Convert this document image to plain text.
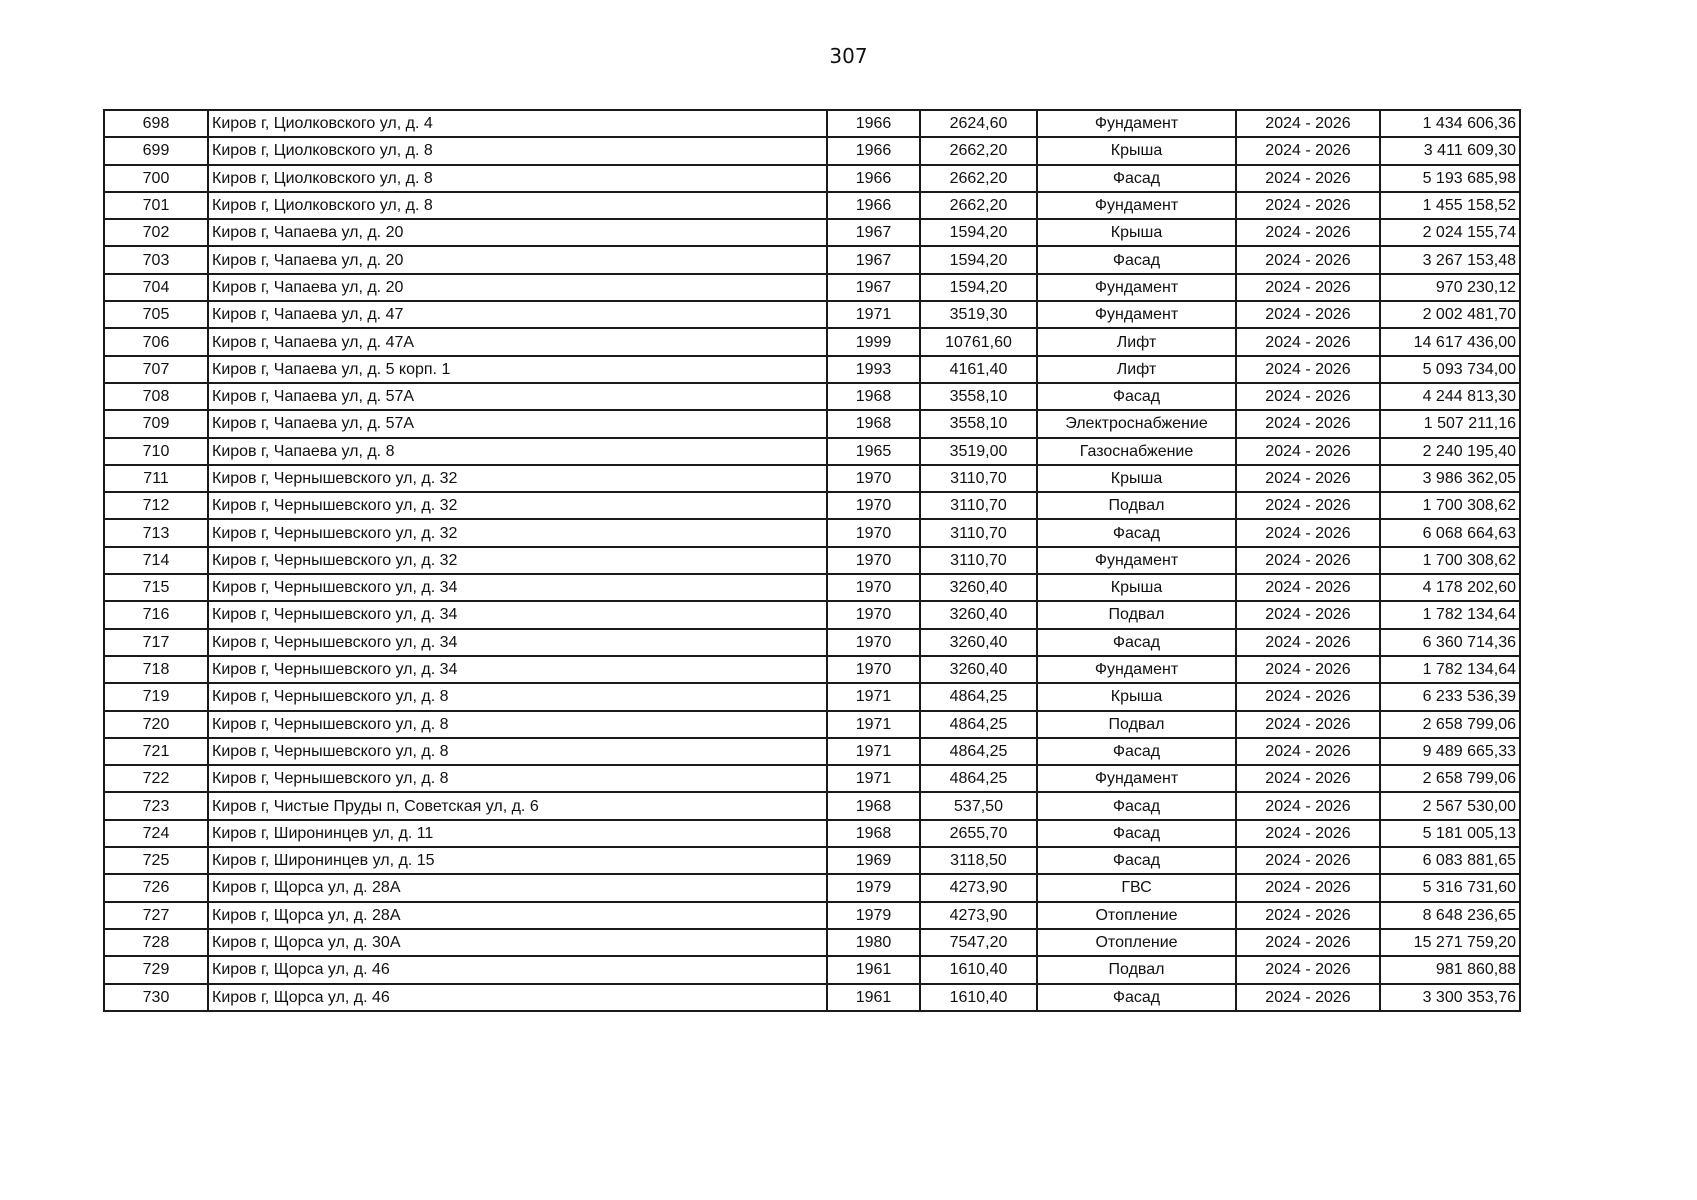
307
698	Киров г, Циолковского ул, д. 4	1966	2624,60	Фундамент	2024 - 2026	1 434 606,36
699	Киров г, Циолковского ул, д. 8	1966	2662,20	Крыша	2024 - 2026	3 411 609,30
700	Киров г, Циолковского ул, д. 8	1966	2662,20	Фасад	2024 - 2026	5 193 685,98
701	Киров г, Циолковского ул, д. 8	1966	2662,20	Фундамент	2024 - 2026	1 455 158,52
702	Киров г, Чапаева ул, д. 20	1967	1594,20	Крыша	2024 - 2026	2 024 155,74
703	Киров г, Чапаева ул, д. 20	1967	1594,20	Фасад	2024 - 2026	3 267 153,48
704	Киров г, Чапаева ул, д. 20	1967	1594,20	Фундамент	2024 - 2026	970 230,12
705	Киров г, Чапаева ул, д. 47	1971	3519,30	Фундамент	2024 - 2026	2 002 481,70
706	Киров г, Чапаева ул, д. 47А	1999	10761,60	Лифт	2024 - 2026	14 617 436,00
707	Киров г, Чапаева ул, д. 5 корп. 1	1993	4161,40	Лифт	2024 - 2026	5 093 734,00
708	Киров г, Чапаева ул, д. 57А	1968	3558,10	Фасад	2024 - 2026	4 244 813,30
709	Киров г, Чапаева ул, д. 57А	1968	3558,10	Электроснабжение	2024 - 2026	1 507 211,16
710	Киров г, Чапаева ул, д. 8	1965	3519,00	Газоснабжение	2024 - 2026	2 240 195,40
711	Киров г, Чернышевского ул, д. 32	1970	3110,70	Крыша	2024 - 2026	3 986 362,05
712	Киров г, Чернышевского ул, д. 32	1970	3110,70	Подвал	2024 - 2026	1 700 308,62
713	Киров г, Чернышевского ул, д. 32	1970	3110,70	Фасад	2024 - 2026	6 068 664,63
714	Киров г, Чернышевского ул, д. 32	1970	3110,70	Фундамент	2024 - 2026	1 700 308,62
715	Киров г, Чернышевского ул, д. 34	1970	3260,40	Крыша	2024 - 2026	4 178 202,60
716	Киров г, Чернышевского ул, д. 34	1970	3260,40	Подвал	2024 - 2026	1 782 134,64
717	Киров г, Чернышевского ул, д. 34	1970	3260,40	Фасад	2024 - 2026	6 360 714,36
718	Киров г, Чернышевского ул, д. 34	1970	3260,40	Фундамент	2024 - 2026	1 782 134,64
719	Киров г, Чернышевского ул, д. 8	1971	4864,25	Крыша	2024 - 2026	6 233 536,39
720	Киров г, Чернышевского ул, д. 8	1971	4864,25	Подвал	2024 - 2026	2 658 799,06
721	Киров г, Чернышевского ул, д. 8	1971	4864,25	Фасад	2024 - 2026	9 489 665,33
722	Киров г, Чернышевского ул, д. 8	1971	4864,25	Фундамент	2024 - 2026	2 658 799,06
723	Киров г, Чистые Пруды п, Советская ул, д. 6	1968	537,50	Фасад	2024 - 2026	2 567 530,00
724	Киров г, Широнинцев ул, д. 11	1968	2655,70	Фасад	2024 - 2026	5 181 005,13
725	Киров г, Широнинцев ул, д. 15	1969	3118,50	Фасад	2024 - 2026	6 083 881,65
726	Киров г, Щорса ул, д. 28А	1979	4273,90	ГВС	2024 - 2026	5 316 731,60
727	Киров г, Щорса ул, д. 28А	1979	4273,90	Отопление	2024 - 2026	8 648 236,65
728	Киров г, Щорса ул, д. 30А	1980	7547,20	Отопление	2024 - 2026	15 271 759,20
729	Киров г, Щорса ул, д. 46	1961	1610,40	Подвал	2024 - 2026	981 860,88
730	Киров г, Щорса ул, д. 46	1961	1610,40	Фасад	2024 - 2026	3 300 353,76
